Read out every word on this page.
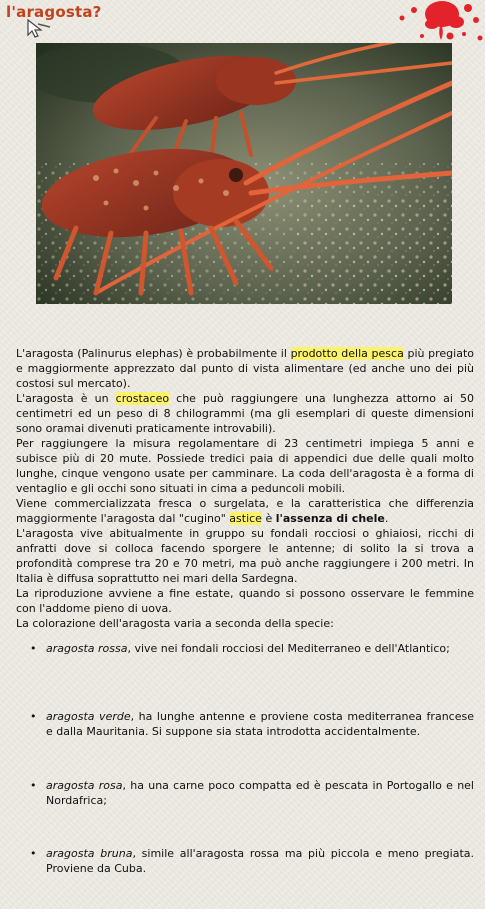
l'aragosta?

L'aragosta (Palinurus elephas) è probabilmente il prodotto della pesca più pregiato e maggiormente apprezzato dal punto di vista alimentare (ed anche uno dei più costosi sul mercato).

L'aragosta è un crostaceo che può raggiungere una lunghezza attorno ai 50 centimetri ed un peso di 8 chilogrammi (ma gli esemplari di queste dimensioni sono oramai divenuti praticamente introvabili).

Per raggiungere la misura regolamentare di 23 centimetri impiega 5 anni e subisce più di 20 mute. Possiede tredici paia di appendici due delle quali molto lunghe, cinque vengono usate per camminare. La coda dell'aragosta è a forma di ventaglio e gli occhi sono situati in cima a peduncoli mobili.

Viene commercializzata fresca o surgelata, e la caratteristica che differenzia maggiormente l'aragosta dal "cugino" astice è l'assenza di chele.

L'aragosta vive abitualmente in gruppo su fondali rocciosi o ghiaiosi, ricchi di anfratti dove si colloca facendo sporgere le antenne; di solito la si trova a profondità comprese tra 20 e 70 metri, ma può anche raggiungere i 200 metri. In Italia è diffusa soprattutto nei mari della Sardegna.

La riproduzione avviene a fine estate, quando si possono osservare le femmine con l'addome pieno di uova.

La colorazione dell'aragosta varia a seconda della specie:

• aragosta rossa, vive nei fondali rocciosi del Mediterraneo e dell'Atlantico;
• aragosta verde, ha lunghe antenne e proviene costa mediterranea francese e dalla Mauritania. Si suppone sia stata introdotta accidentalmente.
• aragosta rosa, ha una carne poco compatta ed è pescata in Portogallo e nel Nordafrica;
• aragosta bruna, simile all'aragosta rossa ma più piccola e meno pregiata. Proviene da Cuba.
